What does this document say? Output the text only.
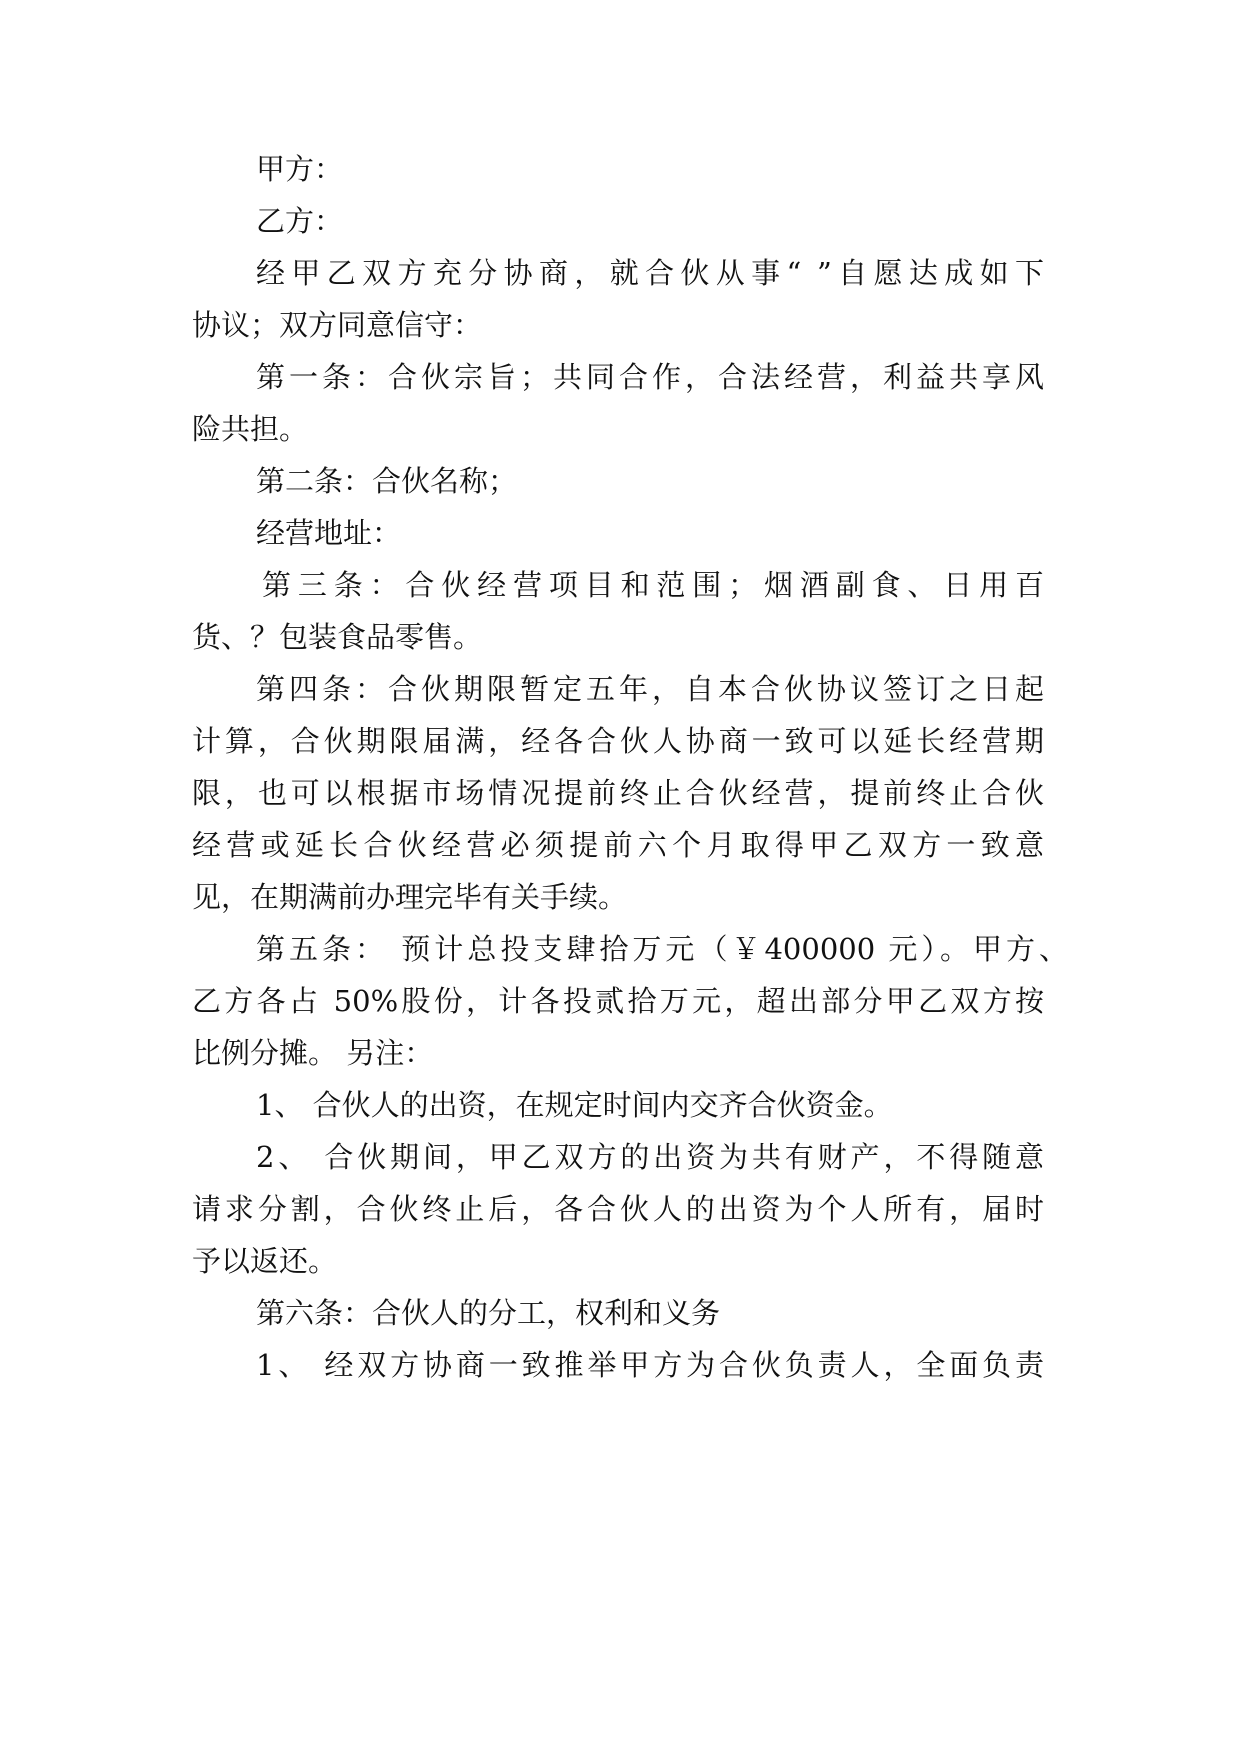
甲方：

乙方：

经甲乙双方充分协商，就合伙从事“ ”自愿达成如下

协议；双方同意信守：

第一条：合伙宗旨；共同合作，合法经营，利益共享风

险共担。

第二条：合伙名称；

经营地址：

第三条：合伙经营项目和范围；烟酒副食、日用百

货、？包装食品零售。

第四条：合伙期限暂定五年，自本合伙协议签订之日起

计算，合伙期限届满，经各合伙人协商一致可以延长经营期

限，也可以根据市场情况提前终止合伙经营，提前终止合伙

经营或延长合伙经营必须提前六个月取得甲乙双方一致意

见，在期满前办理完毕有关手续。

第五条： 预计总投支肆拾万元（￥400000 元）。甲方、

乙方各占 50%股份，计各投贰拾万元，超出部分甲乙双方按

比例分摊。 另注：

1、 合伙人的出资，在规定时间内交齐合伙资金。

2、 合伙期间，甲乙双方的出资为共有财产，不得随意

请求分割，合伙终止后，各合伙人的出资为个人所有，届时

予以返还。

第六条：合伙人的分工，权利和义务

1、 经双方协商一致推举甲方为合伙负责人，全面负责
